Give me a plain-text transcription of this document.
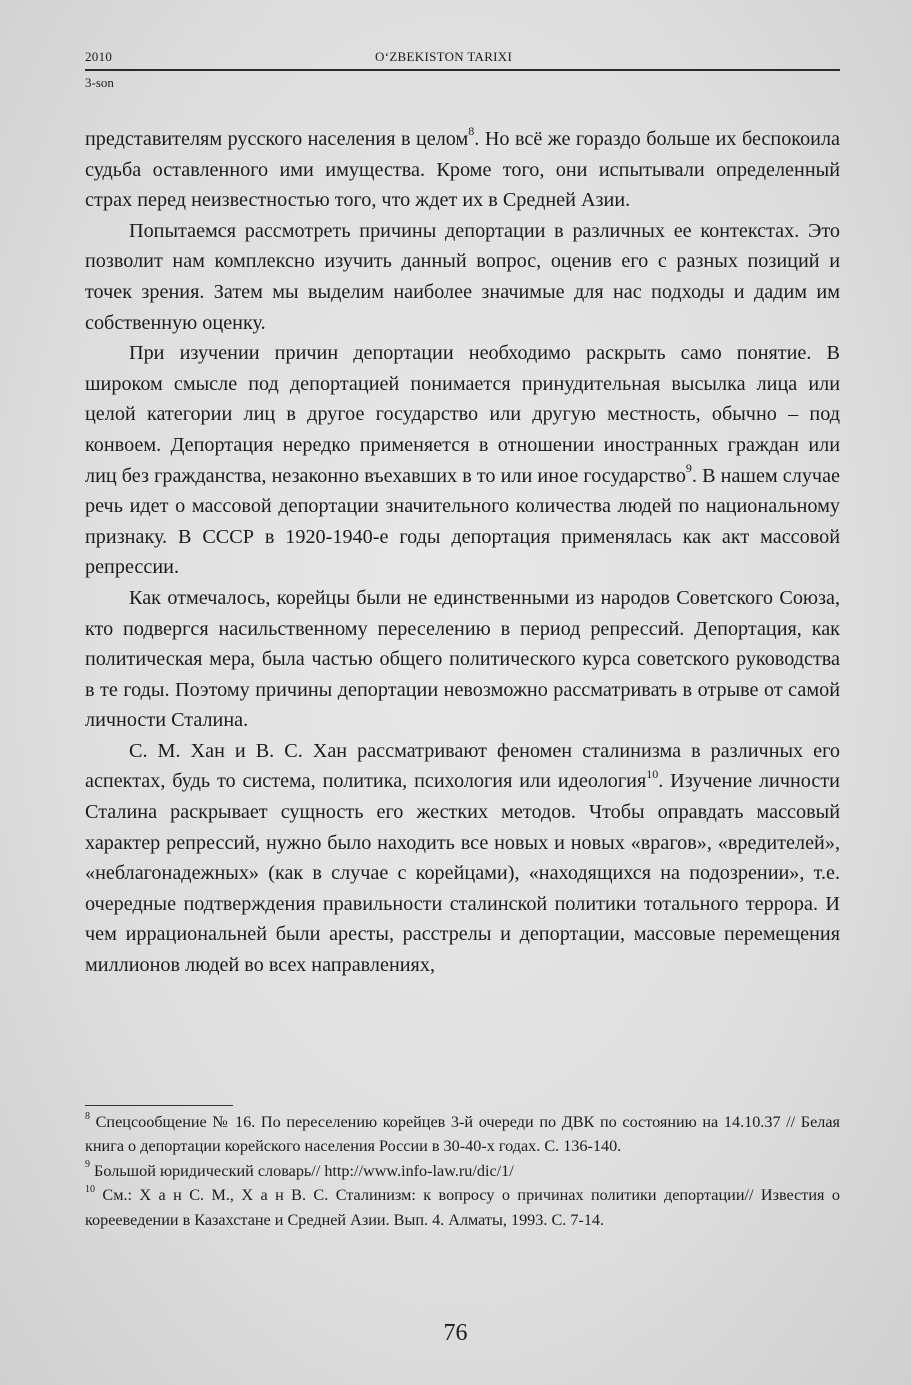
2010	O‘ZBEKISTON TARIXI
3-son

представителям русского населения в целом$^8$. Но всё же гораздо больше их беспокоила судьба оставленного ими имущества. Кроме того, они испытывали определенный страх перед неизвестностью того, что ждет их в Средней Азии.

Попытаемся рассмотреть причины депортации в различных ее контекстах. Это позволит нам комплексно изучить данный вопрос, оценив его с разных позиций и точек зрения. Затем мы выделим наиболее значимые для нас подходы и дадим им собственную оценку.

При изучении причин депортации необходимо раскрыть само понятие. В широком смысле под депортацией понимается принудительная высылка лица или целой категории лиц в другое государство или другую местность, обычно – под конвоем. Депортация нередко применяется в отношении иностранных граждан или лиц без гражданства, незаконно въехавших в то или иное государство$^9$. В нашем случае речь идет о массовой депортации значительного количества людей по национальному признаку. В СССР в 1920-1940-е годы депортация применялась как акт массовой репрессии.

Как отмечалось, корейцы были не единственными из народов Советского Союза, кто подвергся насильственному переселению в период репрессий. Депортация, как политическая мера, была частью общего политического курса советского руководства в те годы. Поэтому причины депортации невозможно рассматривать в отрыве от самой личности Сталина.

С. М. Хан и В. С. Хан рассматривают феномен сталинизма в различных его аспектах, будь то система, политика, психология или идеология$^{10}$. Изучение личности Сталина раскрывает сущность его жестких методов. Чтобы оправдать массовый характер репрессий, нужно было находить все новых и новых «врагов», «вредителей», «неблагонадежных» (как в случае с корейцами), «находящихся на подозрении», т.е. очередные подтверждения правильности сталинской политики тотального террора. И чем иррациональней были аресты, расстрелы и депортации, массовые перемещения миллионов людей во всех направлениях,

$^8$ Спецсообщение № 16. По переселению корейцев 3-й очереди по ДВК по состоянию на 14.10.37 // Белая книга о депортации корейского населения России в 30-40-х годах. С. 136-140.

$^9$ Большой юридический словарь// http://www.info-law.ru/dic/1/

$^{10}$ См.: Х а н С. М., Х а н В. С. Сталинизм: к вопросу о причинах политики депортации// Известия о корееведении в Казахстане и Средней Азии. Вып. 4. Алматы, 1993. С. 7-14.

76
